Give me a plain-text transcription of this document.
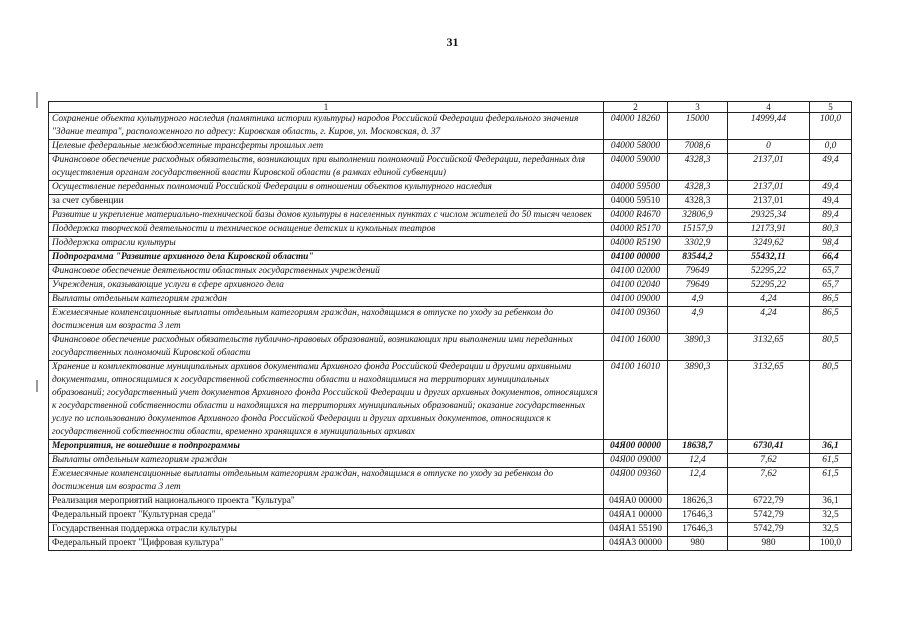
31
1	2	3	4	5
Сохранение объекта культурного наследия (памятника истории культуры) народов Российской Федерации федерального значения "Здание театра", расположенного по адресу: Кировская область, г. Киров, ул. Московская, д. 37	04000 18260	15000	14999,44	100,0
Целевые федеральные межбюджетные трансферты прошлых лет	04000 58000	7008,6	0	0,0
Финансовое обеспечение расходных обязательств, возникающих при выполнении полномочий Российской Федерации, переданных для осуществления органам государственной власти Кировской области (в рамках единой субвенции)	04000 59000	4328,3	2137,01	49,4
Осуществление переданных полномочий Российской Федерации в отношении объектов культурного наследия	04000 59500	4328,3	2137,01	49,4
за счет субвенции	04000 59510	4328,3	2137,01	49,4
Развитие и укрепление материально-технической базы домов культуры в населенных пунктах с числом жителей до 50 тысяч человек	04000 R4670	32806,9	29325,34	89,4
Поддержка творческой деятельности и техническое оснащение детских и кукольных театров	04000 R5170	15157,9	12173,91	80,3
Поддержка отрасли культуры	04000 R5190	3302,9	3249,62	98,4
Подпрограмма "Развитие архивного дела Кировской области"	04100 00000	83544,2	55432,11	66,4
Финансовое обеспечение деятельности областных государственных учреждений	04100 02000	79649	52295,22	65,7
Учреждения, оказывающие услуги в сфере архивного дела	04100 02040	79649	52295,22	65,7
Выплаты отдельным категориям граждан	04100 09000	4,9	4,24	86,5
Ежемесячные компенсационные выплаты отдельным категориям граждан, находящимся в отпуске по уходу за ребенком до достижения им возраста 3 лет	04100 09360	4,9	4,24	86,5
Финансовое обеспечение расходных обязательств публично-правовых образований, возникающих при выполнении ими переданных государственных полномочий Кировской области	04100 16000	3890,3	3132,65	80,5
Хранение и комплектование муниципальных архивов документами Архивного фонда Российской Федерации и другими архивными документами, относящимися к государственной собственности области и находящимися на территориях муниципальных образований; государственный учет документов Архивного фонда Российской Федерации и других архивных документов, относящихся к государственной собственности области и находящихся на территориях муниципальных образований; оказание государственных услуг по использованию документов Архивного фонда Российской Федерации и других архивных документов, относящихся к государственной собственности области, временно хранящихся в муниципальных архивах	04100 16010	3890,3	3132,65	80,5
Мероприятия, не вошедшие в подпрограммы	04Я00 00000	18638,7	6730,41	36,1
Выплаты отдельным категориям граждан	04Я00 09000	12,4	7,62	61,5
Ежемесячные компенсационные выплаты отдельным категориям граждан, находящимся в отпуске по уходу за ребенком до достижения им возраста 3 лет	04Я00 09360	12,4	7,62	61,5
Реализация мероприятий национального проекта "Культура"	04ЯА0 00000	18626,3	6722,79	36,1
Федеральный проект "Культурная среда"	04ЯА1 00000	17646,3	5742,79	32,5
Государственная поддержка отрасли культуры	04ЯА1 55190	17646,3	5742,79	32,5
Федеральный проект "Цифровая культура"	04ЯА3 00000	980	980	100,0
